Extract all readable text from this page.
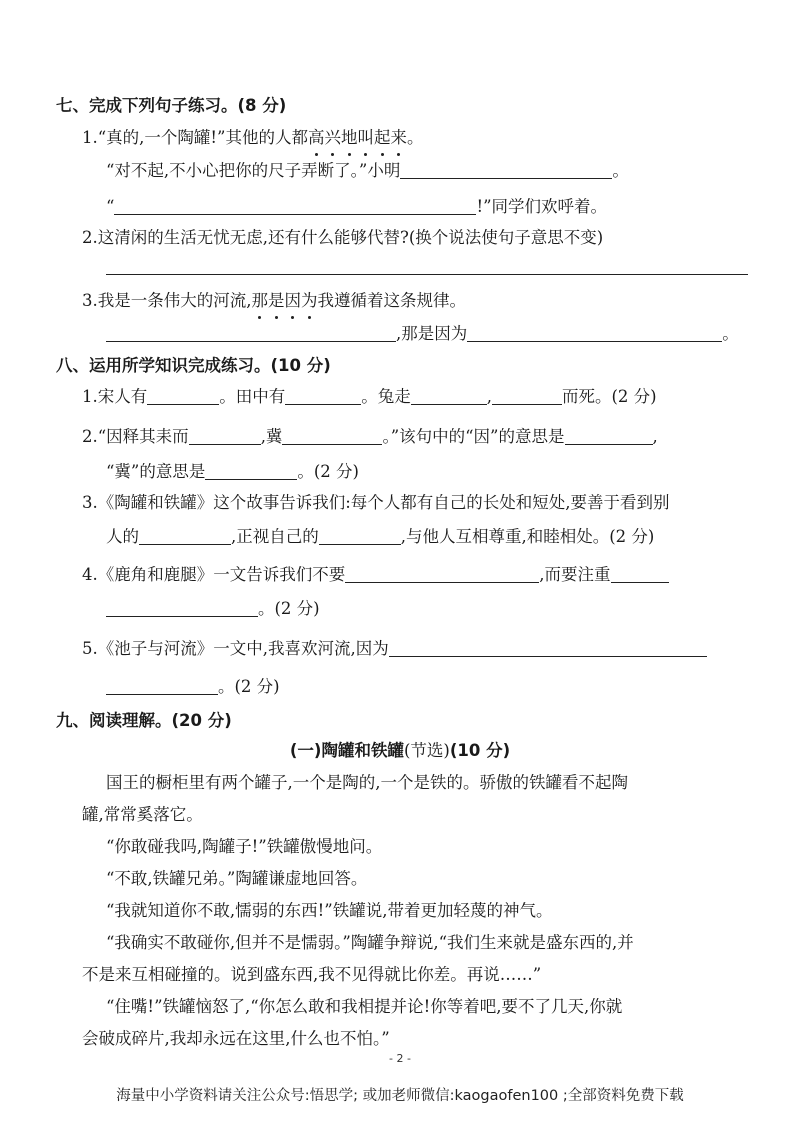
七、完成下列句子练习。(8 分)
1.“真的,一个陶罐!”其他的人都高兴地叫起来。
“对不起,不小心把你的尺子弄断了。”小明	。
“	!”同学们欢呼着。
2.这清闲的生活无忧无虑,还有什么能够代替?(换个说法使句子意思不变)
3.我是一条伟大的河流,那是因为我遵循着这条规律。
,那是因为	。
八、运用所学知识完成练习。(10 分)
1.宋人有	。田中有	。兔走	,	而死。(2 分)
2.“因释其耒而	,冀	。”该句中的“因”的意思是	,
“冀”的意思是	。(2 分)
3.《陶罐和铁罐》这个故事告诉我们:每个人都有自己的长处和短处,要善于看到别
人的	,正视自己的	,与他人互相尊重,和睦相处。(2 分)
4.《鹿角和鹿腿》一文告诉我们不要	,而要注重
。(2 分)
5.《池子与河流》一文中,我喜欢河流,因为
。(2 分)
九、阅读理解。(20 分)
(一)陶罐和铁罐(节选)(10 分)
国王的橱柜里有两个罐子,一个是陶的,一个是铁的。骄傲的铁罐看不起陶
罐,常常奚落它。
“你敢碰我吗,陶罐子!”铁罐傲慢地问。
“不敢,铁罐兄弟。”陶罐谦虚地回答。
“我就知道你不敢,懦弱的东西!”铁罐说,带着更加轻蔑的神气。
“我确实不敢碰你,但并不是懦弱。”陶罐争辩说,“我们生来就是盛东西的,并
不是来互相碰撞的。说到盛东西,我不见得就比你差。再说……”
“住嘴!”铁罐恼怒了,“你怎么敢和我相提并论!你等着吧,要不了几天,你就
会破成碎片,我却永远在这里,什么也不怕。”
- 2 -
海量中小学资料请关注公众号:悟思学; 或加老师微信:kaogaofen100 ;全部资料免费下载
